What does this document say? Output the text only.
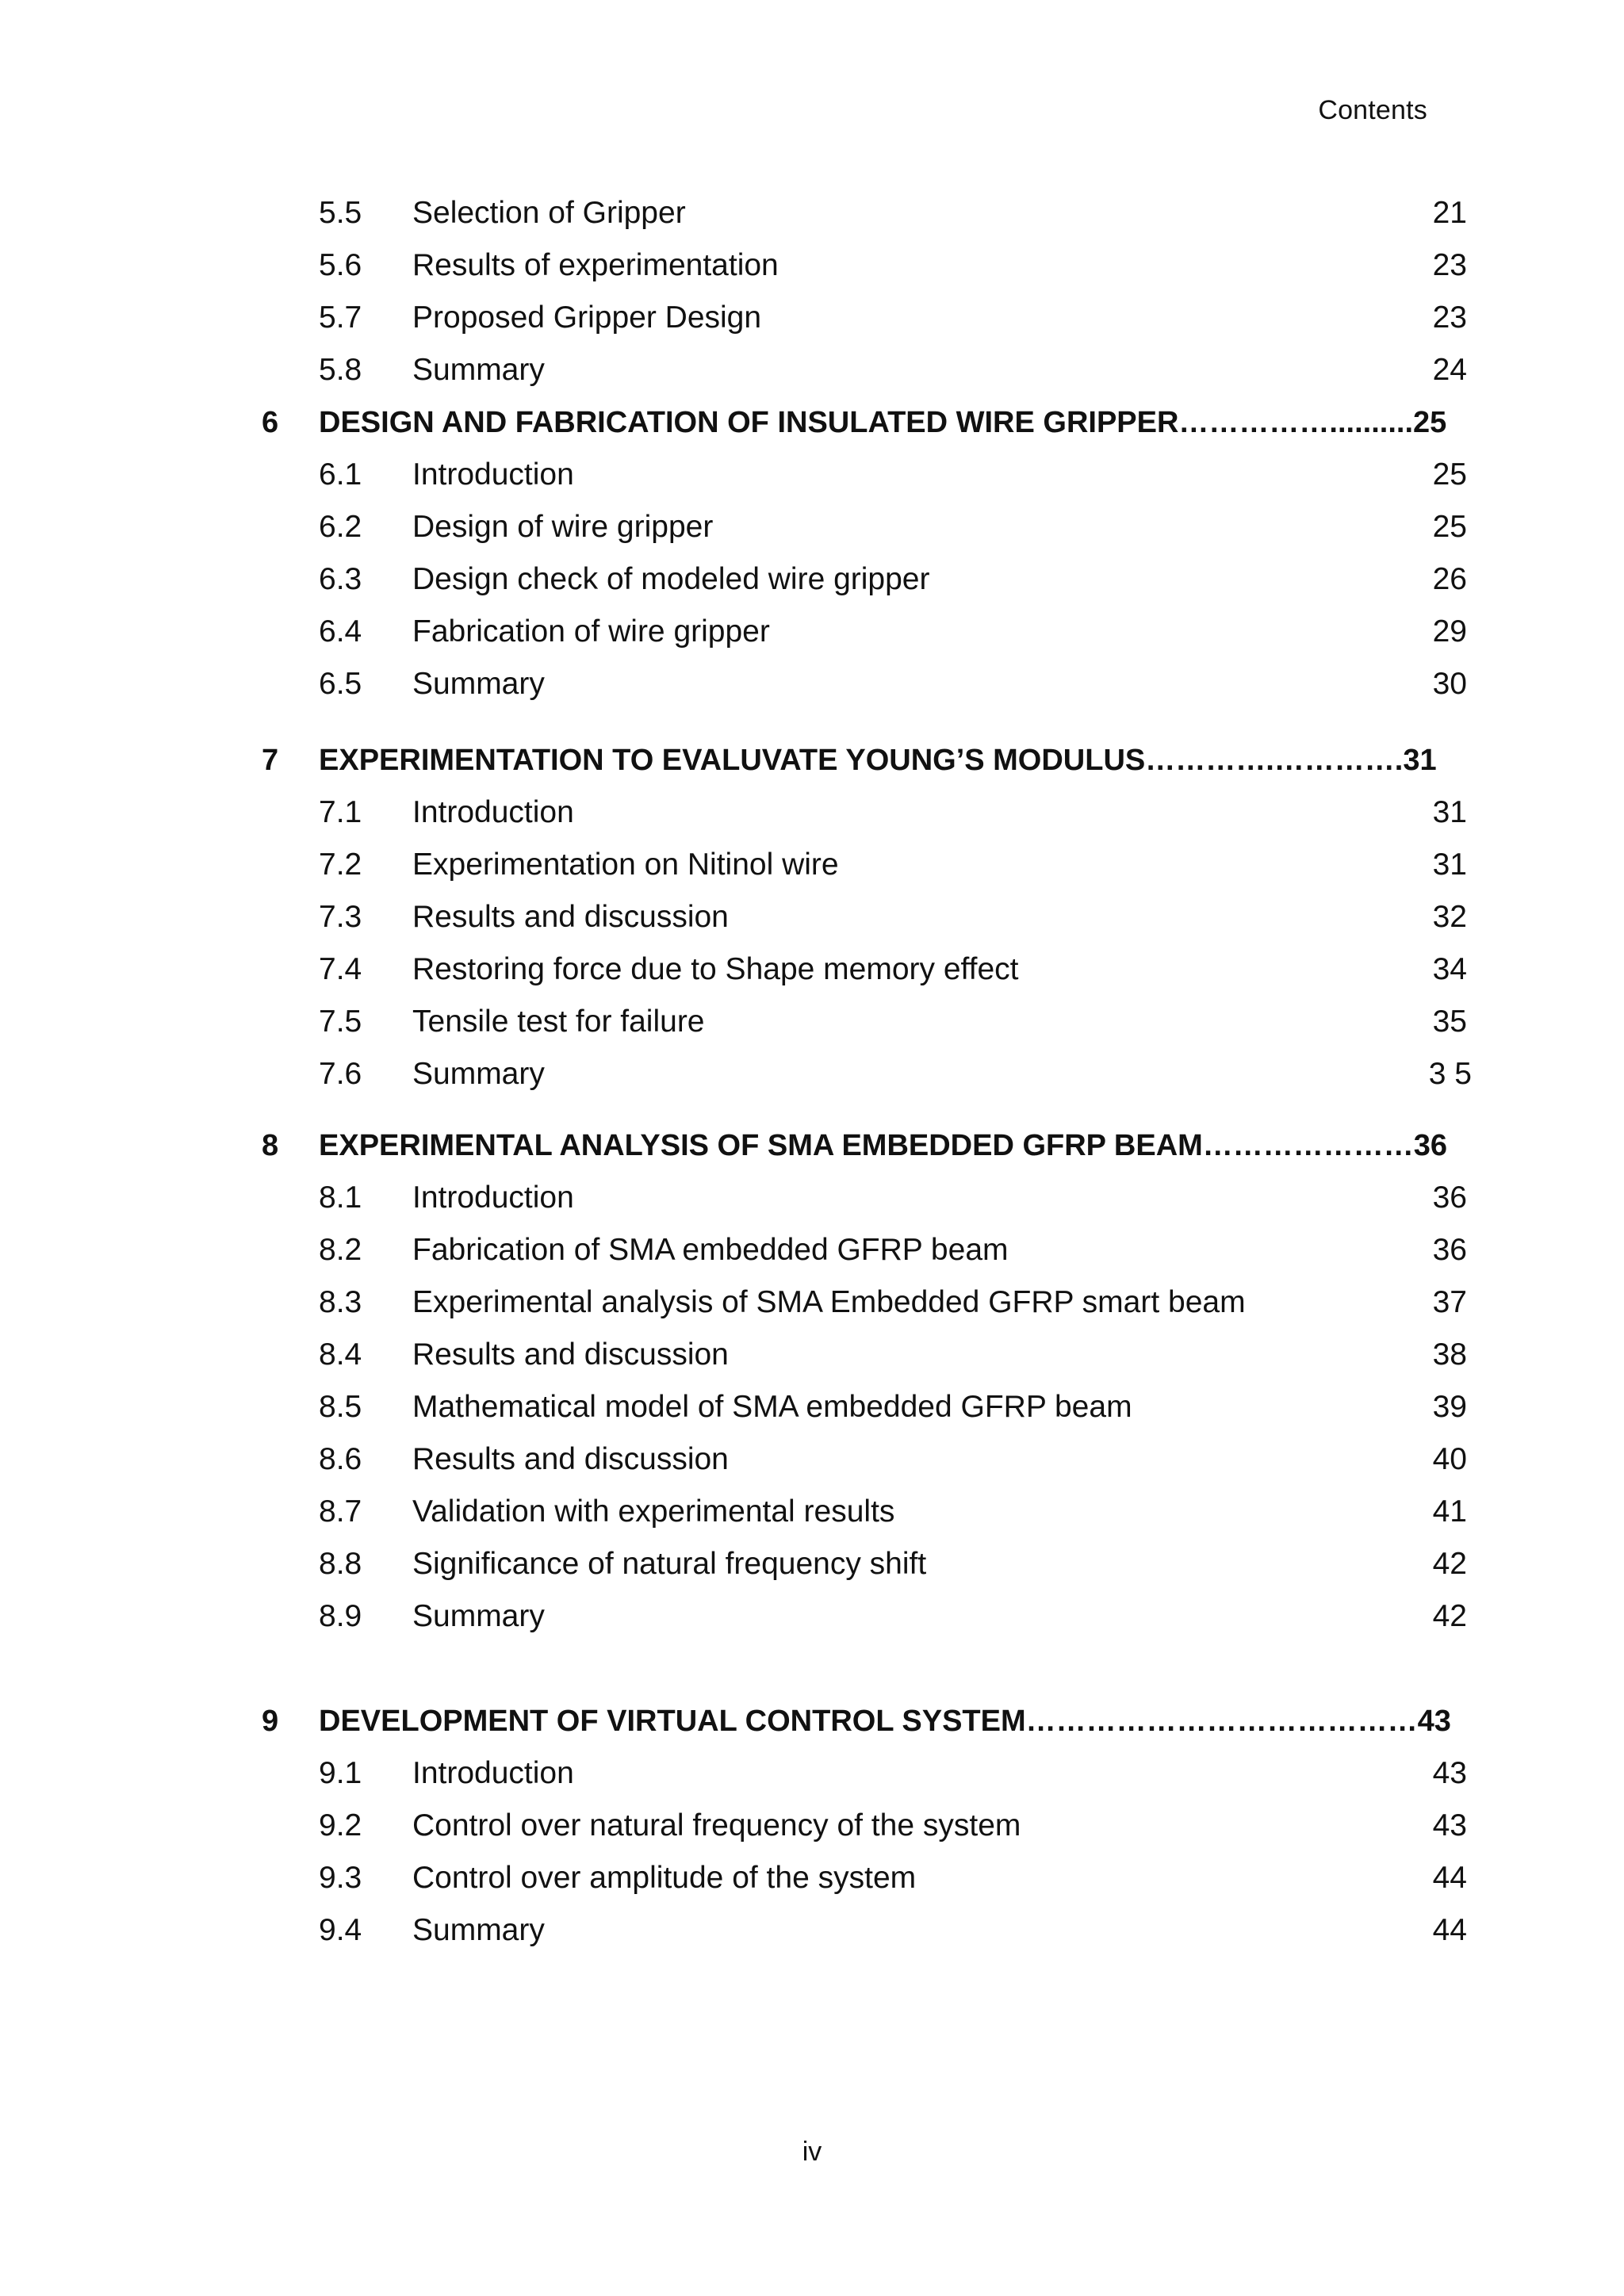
Contents
5.5 Selection of Gripper	21
5.6 Results of experimentation	23
5.7 Proposed Gripper Design	23
5.8 Summary	24
6 DESIGN AND FABRICATION OF INSULATED WIRE GRIPPER……………..........25
6.1 Introduction	25
6.2 Design of wire gripper	25
6.3 Design check of modeled wire gripper	26
6.4 Fabrication of wire gripper	29
6.5 Summary	30
7 EXPERIMENTATION TO EVALUVATE YOUNG’S MODULUS………….………….31
7.1 Introduction	31
7.2 Experimentation on Nitinol wire	31
7.3 Results and discussion	32
7.4 Restoring force due to Shape memory effect	34
7.5 Tensile test for failure	35
7.6 Summary	3 5
8 EXPERIMENTAL ANALYSIS OF SMA EMBEDDED GFRP BEAM…………………36
8.1 Introduction	36
8.2 Fabrication of SMA embedded GFRP beam	36
8.3 Experimental analysis of SMA Embedded GFRP smart beam	37
8.4 Results and discussion	38
8.5 Mathematical model of SMA embedded GFRP beam	39
8.6 Results and discussion	40
8.7 Validation with experimental results	41
8.8 Significance of natural frequency shift	42
8.9 Summary	42
9 DEVELOPMENT OF VIRTUAL CONTROL SYSTEM…………………………………43
9.1 Introduction	43
9.2 Control over natural frequency of the system	43
9.3 Control over amplitude of the system	44
9.4 Summary	44
iv
